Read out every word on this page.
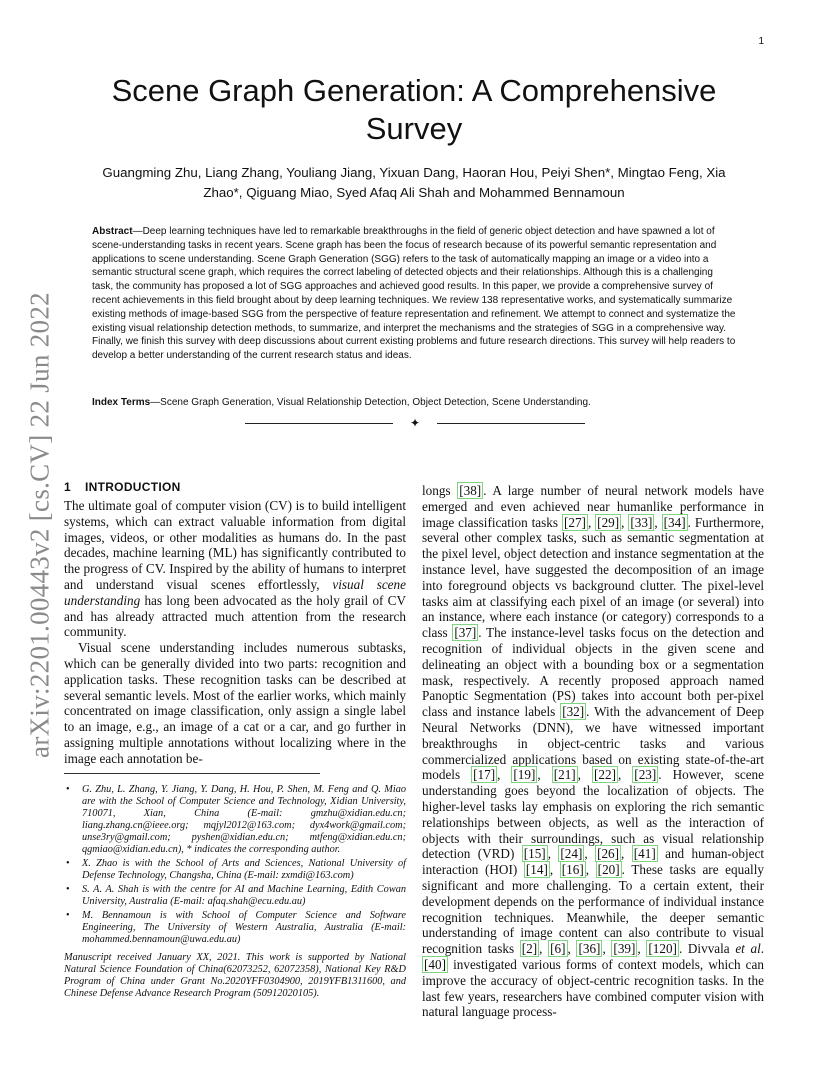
1
arXiv:2201.00443v2 [cs.CV] 22 Jun 2022
Scene Graph Generation: A Comprehensive Survey
Guangming Zhu, Liang Zhang, Youliang Jiang, Yixuan Dang, Haoran Hou, Peiyi Shen*, Mingtao Feng, Xia Zhao*, Qiguang Miao, Syed Afaq Ali Shah and Mohammed Bennamoun
Abstract—Deep learning techniques have led to remarkable breakthroughs in the field of generic object detection and have spawned a lot of scene-understanding tasks in recent years. Scene graph has been the focus of research because of its powerful semantic representation and applications to scene understanding. Scene Graph Generation (SGG) refers to the task of automatically mapping an image or a video into a semantic structural scene graph, which requires the correct labeling of detected objects and their relationships. Although this is a challenging task, the community has proposed a lot of SGG approaches and achieved good results. In this paper, we provide a comprehensive survey of recent achievements in this field brought about by deep learning techniques. We review 138 representative works, and systematically summarize existing methods of image-based SGG from the perspective of feature representation and refinement. We attempt to connect and systematize the existing visual relationship detection methods, to summarize, and interpret the mechanisms and the strategies of SGG in a comprehensive way. Finally, we finish this survey with deep discussions about current existing problems and future research directions. This survey will help readers to develop a better understanding of the current research status and ideas.
Index Terms—Scene Graph Generation, Visual Relationship Detection, Object Detection, Scene Understanding.
✦
1 INTRODUCTION

The ultimate goal of computer vision (CV) is to build intelligent systems, which can extract valuable information from digital images, videos, or other modalities as humans do. In the past decades, machine learning (ML) has significantly contributed to the progress of CV. Inspired by the ability of humans to interpret and understand visual scenes effortlessly, visual scene understanding has long been advocated as the holy grail of CV and has already attracted much attention from the research community.

Visual scene understanding includes numerous subtasks, which can be generally divided into two parts: recognition and application tasks. These recognition tasks can be described at several semantic levels. Most of the earlier works, which mainly concentrated on image classification, only assign a single label to an image, e.g., an image of a cat or a car, and go further in assigning multiple annotations without localizing where in the image each annotation be-

• G. Zhu, L. Zhang, Y. Jiang, Y. Dang, H. Hou, P. Shen, M. Feng and Q. Miao are with the School of Computer Science and Technology, Xidian University, 710071, Xian, China (E-mail: gmzhu@xidian.edu.cn; liang.zhang.cn@ieee.org; mqjyl2012@163.com; dyx4work@gmail.com; unse3ry@gmail.com; pyshen@xidian.edu.cn; mtfeng@xidian.edu.cn; qgmiao@xidian.edu.cn), * indicates the corresponding author.
• X. Zhao is with the School of Arts and Sciences, National University of Defense Technology, Changsha, China (E-mail: zxmdi@163.com)
• S. A. A. Shah is with the centre for AI and Machine Learning, Edith Cowan University, Australia (E-mail: afaq.shah@ecu.edu.au)
• M. Bennamoun is with School of Computer Science and Software Engineering, The University of Western Australia, Australia (E-mail: mohammed.bennamoun@uwa.edu.au)
Manuscript received January XX, 2021. This work is supported by National Natural Science Foundation of China(62073252, 62072358), National Key R&D Program of China under Grant No.2020YFF0304900, 2019YFB1311600, and Chinese Defense Advance Research Program (50912020105).

longs [38] . A large number of neural network models have emerged and even achieved near humanlike performance in image classification tasks [27] , [29] , [33] , [34] . Furthermore, several other complex tasks, such as semantic segmentation at the pixel level, object detection and instance segmentation at the instance level, have suggested the decomposition of an image into foreground objects vs background clutter. The pixel-level tasks aim at classifying each pixel of an image (or several) into an instance, where each instance (or category) corresponds to a class [37] . The instance-level tasks focus on the detection and recognition of individual objects in the given scene and delineating an object with a bounding box or a segmentation mask, respectively. A recently proposed approach named Panoptic Segmentation (PS) takes into account both per-pixel class and instance labels [32] . With the advancement of Deep Neural Networks (DNN), we have witnessed important breakthroughs in object-centric tasks and various commercialized applications based on existing state-of-the-art models [17] , [19] , [21] , [22] , [23] . However, scene understanding goes beyond the localization of objects. The higher-level tasks lay emphasis on exploring the rich semantic relationships between objects, as well as the interaction of objects with their surroundings, such as visual relationship detection (VRD) [15] , [24] , [26] , [41] and human-object interaction (HOI) [14] , [16] , [20] . These tasks are equally significant and more challenging. To a certain extent, their development depends on the performance of individual instance recognition techniques. Meanwhile, the deeper semantic understanding of image content can also contribute to visual recognition tasks [2] , [6] , [36] , [39] , [120] . Divvala et al. [40] investigated various forms of context models, which can improve the accuracy of object-centric recognition tasks. In the last few years, researchers have combined computer vision with natural language process-
